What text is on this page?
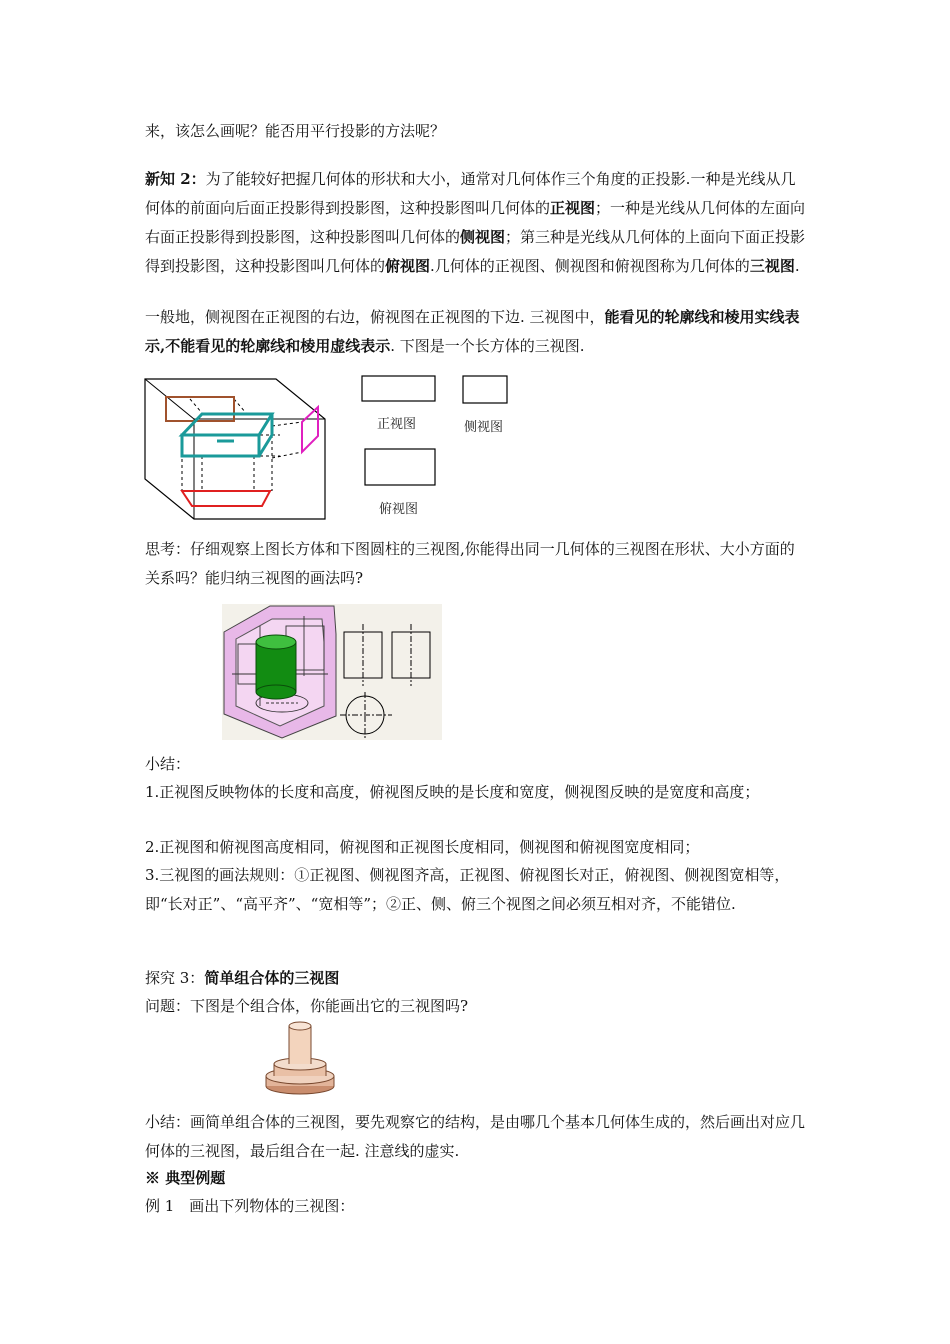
来，该怎么画呢？能否用平行投影的方法呢？

新知 2：为了能较好把握几何体的形状和大小，通常对几何体作三个角度的正投影.一种是光线从几何体的前面向后面正投影得到投影图，这种投影图叫几何体的正视图；一种是光线从几何体的左面向右面正投影得到投影图，这种投影图叫几何体的侧视图；第三种是光线从几何体的上面向下面正投影得到投影图，这种投影图叫几何体的俯视图.几何体的正视图、侧视图和俯视图称为几何体的三视图.

一般地，侧视图在正视图的右边，俯视图在正视图的下边. 三视图中，能看见的轮廓线和棱用实线表示,不能看见的轮廓线和棱用虚线表示. 下图是一个长方体的三视图.

正视图	侧视图
俯视图

思考：仔细观察上图长方体和下图圆柱的三视图,你能得出同一几何体的三视图在形状、大小方面的关系吗？能归纳三视图的画法吗?

小结：

1.正视图反映物体的长度和高度，俯视图反映的是长度和宽度，侧视图反映的是宽度和高度；

2.正视图和俯视图高度相同，俯视图和正视图长度相同，侧视图和俯视图宽度相同；

3.三视图的画法规则：①正视图、侧视图齐高，正视图、俯视图长对正，俯视图、侧视图宽相等，即“长对正”、“高平齐”、“宽相等”；②正、侧、俯三个视图之间必须互相对齐，不能错位.

探究 3：简单组合体的三视图

问题：下图是个组合体，你能画出它的三视图吗?

小结：画简单组合体的三视图，要先观察它的结构，是由哪几个基本几何体生成的，然后画出对应几何体的三视图，最后组合在一起. 注意线的虚实.

※ 典型例题

例 1　画出下列物体的三视图：
